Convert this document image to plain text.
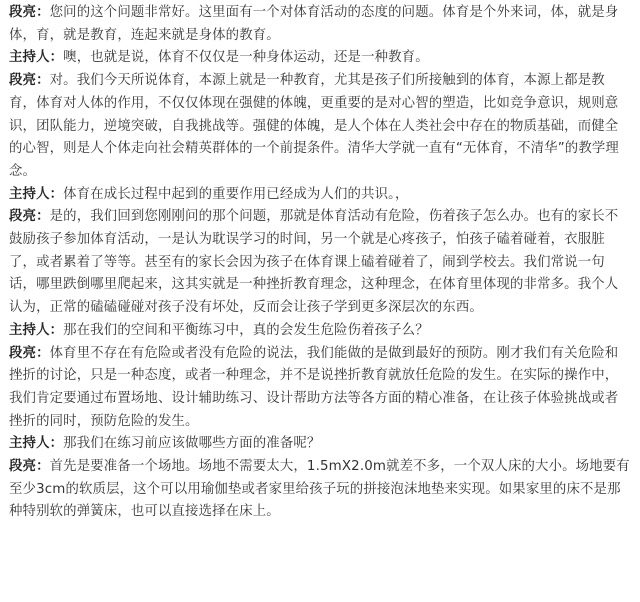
段亮：您问的这个问题非常好。这里面有一个对体育活动的态度的问题。体育是个外来词，体，就是身体，育，就是教育，连起来就是身体的教育。

主持人：噢，也就是说，体育不仅仅是一种身体运动，还是一种教育。

段亮：对。我们今天所说体育，本源上就是一种教育，尤其是孩子们所接触到的体育，本源上都是教育，体育对人体的作用，不仅仅体现在强健的体魄，更重要的是对心智的塑造，比如竞争意识，规则意识，团队能力，逆境突破，自我挑战等。强健的体魄，是人个体在人类社会中存在的物质基础，而健全的心智，则是人个体走向社会精英群体的一个前提条件。清华大学就一直有“无体育，不清华”的教学理念。

主持人：体育在成长过程中起到的重要作用已经成为人们的共识。，

段亮：是的，我们回到您刚刚问的那个问题，那就是体育活动有危险，伤着孩子怎么办。也有的家长不鼓励孩子参加体育活动，一是认为耽误学习的时间，另一个就是心疼孩子，怕孩子磕着碰着，衣服脏了，或者累着了等等。甚至有的家长会因为孩子在体育课上磕着碰着了，闹到学校去。我们常说一句话，哪里跌倒哪里爬起来，这其实就是一种挫折教育理念，这种理念，在体育里体现的非常多。我个人认为，正常的磕磕碰碰对孩子没有坏处，反而会让孩子学到更多深层次的东西。

主持人：那在我们的空间和平衡练习中，真的会发生危险伤着孩子么？

段亮：体育里不存在有危险或者没有危险的说法，我们能做的是做到最好的预防。刚才我们有关危险和挫折的讨论，只是一种态度，或者一种理念，并不是说挫折教育就放任危险的发生。在实际的操作中，我们肯定要通过布置场地、设计辅助练习、设计帮助方法等各方面的精心准备，在让孩子体验挑战或者挫折的同时，预防危险的发生。

主持人：那我们在练习前应该做哪些方面的准备呢？

段亮：首先是要准备一个场地。场地不需要太大，1.5mX2.0m就差不多，一个双人床的大小。场地要有至少3cm的软质层，这个可以用瑜伽垫或者家里给孩子玩的拼接泡沫地垫来实现。如果家里的床不是那种特别软的弹簧床，也可以直接选择在床上。
